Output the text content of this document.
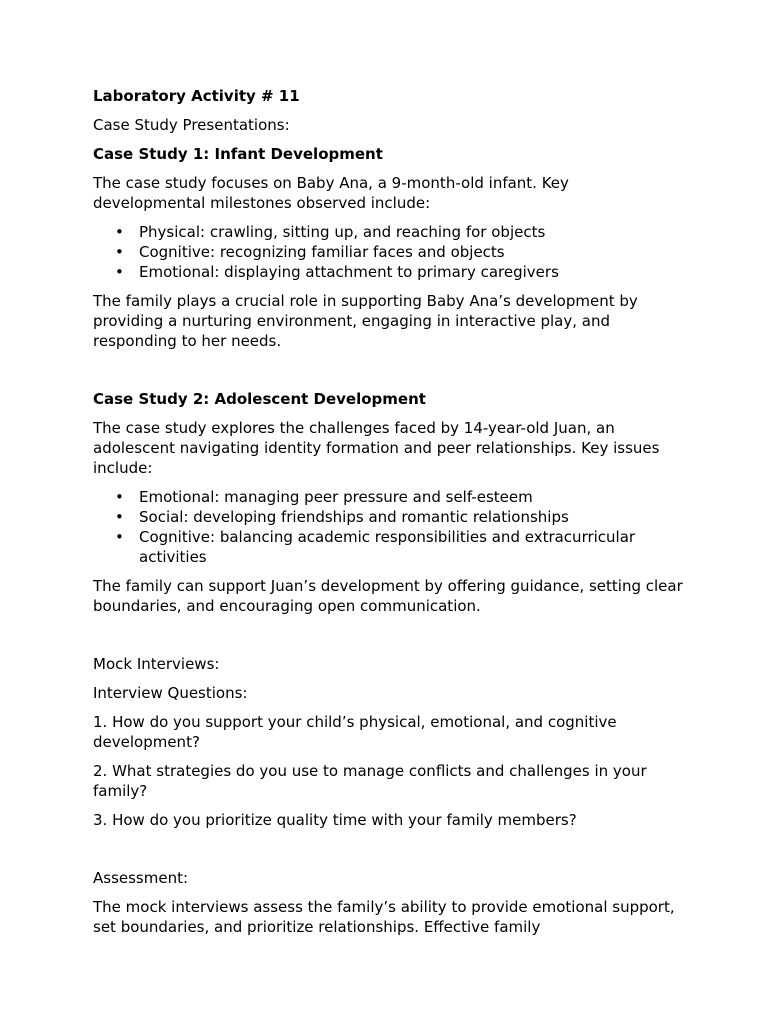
Laboratory Activity # 11

Case Study Presentations:

Case Study 1: Infant Development

The case study focuses on Baby Ana, a 9-month-old infant. Key developmental milestones observed include:

• Physical: crawling, sitting up, and reaching for objects
• Cognitive: recognizing familiar faces and objects
• Emotional: displaying attachment to primary caregivers

The family plays a crucial role in supporting Baby Ana’s development by providing a nurturing environment, engaging in interactive play, and responding to her needs.

Case Study 2: Adolescent Development

The case study explores the challenges faced by 14-year-old Juan, an adolescent navigating identity formation and peer relationships. Key issues include:

• Emotional: managing peer pressure and self-esteem
• Social: developing friendships and romantic relationships
• Cognitive: balancing academic responsibilities and extracurricular activities

The family can support Juan’s development by offering guidance, setting clear boundaries, and encouraging open communication.

Mock Interviews:

Interview Questions:

1. How do you support your child’s physical, emotional, and cognitive development?

2. What strategies do you use to manage conflicts and challenges in your family?

3. How do you prioritize quality time with your family members?

Assessment:

The mock interviews assess the family’s ability to provide emotional support, set boundaries, and prioritize relationships. Effective family
